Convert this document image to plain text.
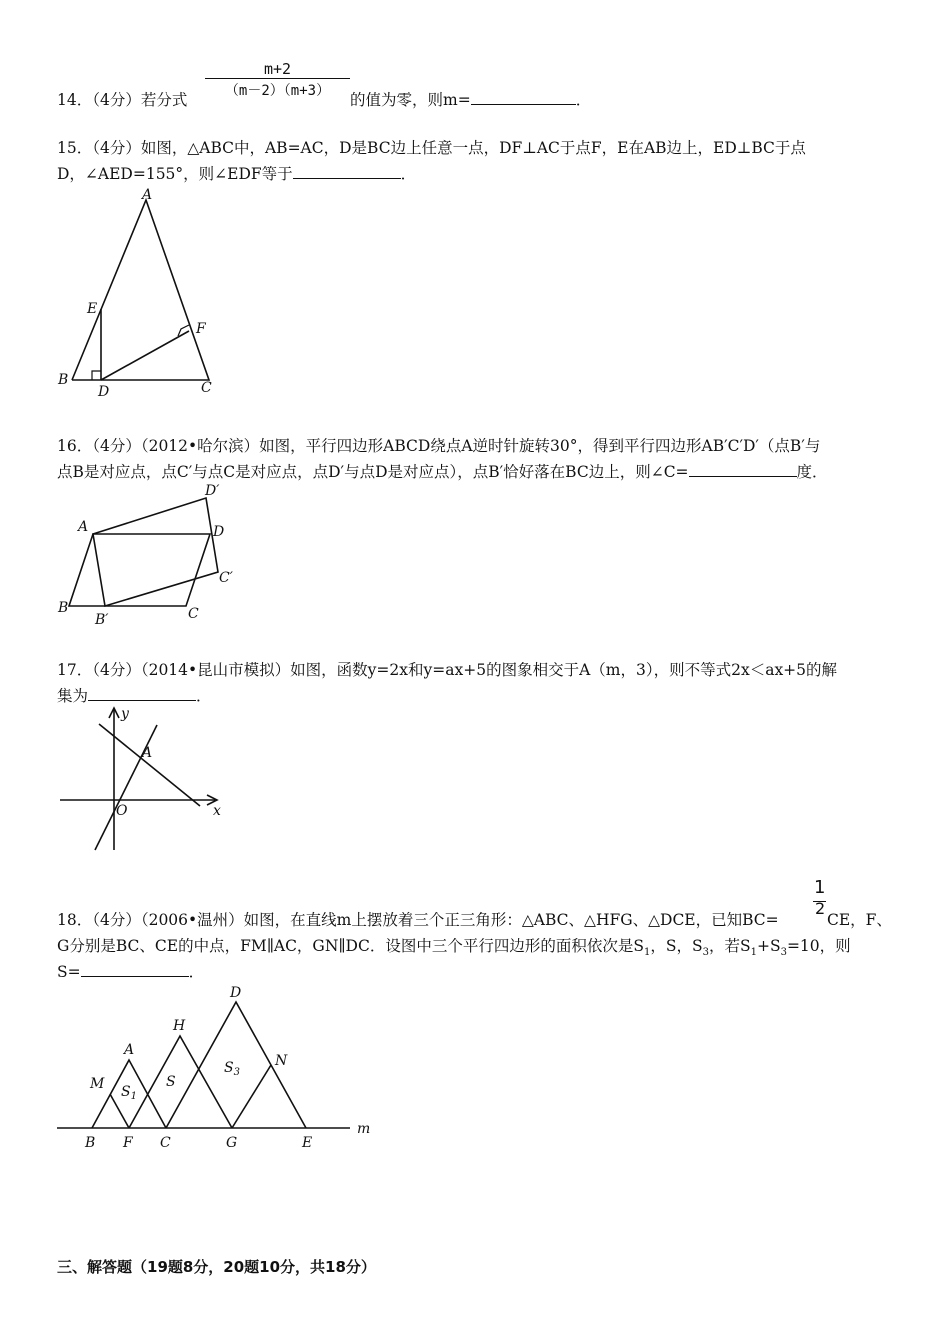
m+2
（m－2）（m+3）
14．（4分）若分式	的值为零，则m=	．
15．（4分）如图，△ABC中，AB=AC，D是BC边上任意一点，DF⊥AC于点F，E在AB边上，ED⊥BC于点
D，∠AED=155°，则∠EDF等于	．
A
E
F
B
D	C
16．（4分）（2012•哈尔滨）如图，平行四边形ABCD绕点A逆时针旋转30°，得到平行四边形AB′C′D′（点B′与
点B是对应点，点C′与点C是对应点，点D′与点D是对应点），点B′恰好落在BC边上，则∠C=	度．
A
D′
D
C′
B
B′	C
17．（4分）（2014•昆山市模拟）如图，函数y=2x和y=ax+5的图象相交于A（m，3），则不等式2x＜ax+5的解
集为	．
y
A
O	x
1
2
18．（4分）（2006•温州）如图，在直线m上摆放着三个正三角形：△ABC、△HFG、△DCE，已知BC=	CE，F、
G分别是BC、CE的中点，FM∥AC，GN∥DC．设图中三个平行四边形的面积依次是$S_1$，S，$S_3$，若$S_1+S_3=10$，则
S=	．
D
H
A
$S_3$
N
M $S_1$
S
B F C	G	E
m
三、解答题（19题8分，20题10分，共18分）
